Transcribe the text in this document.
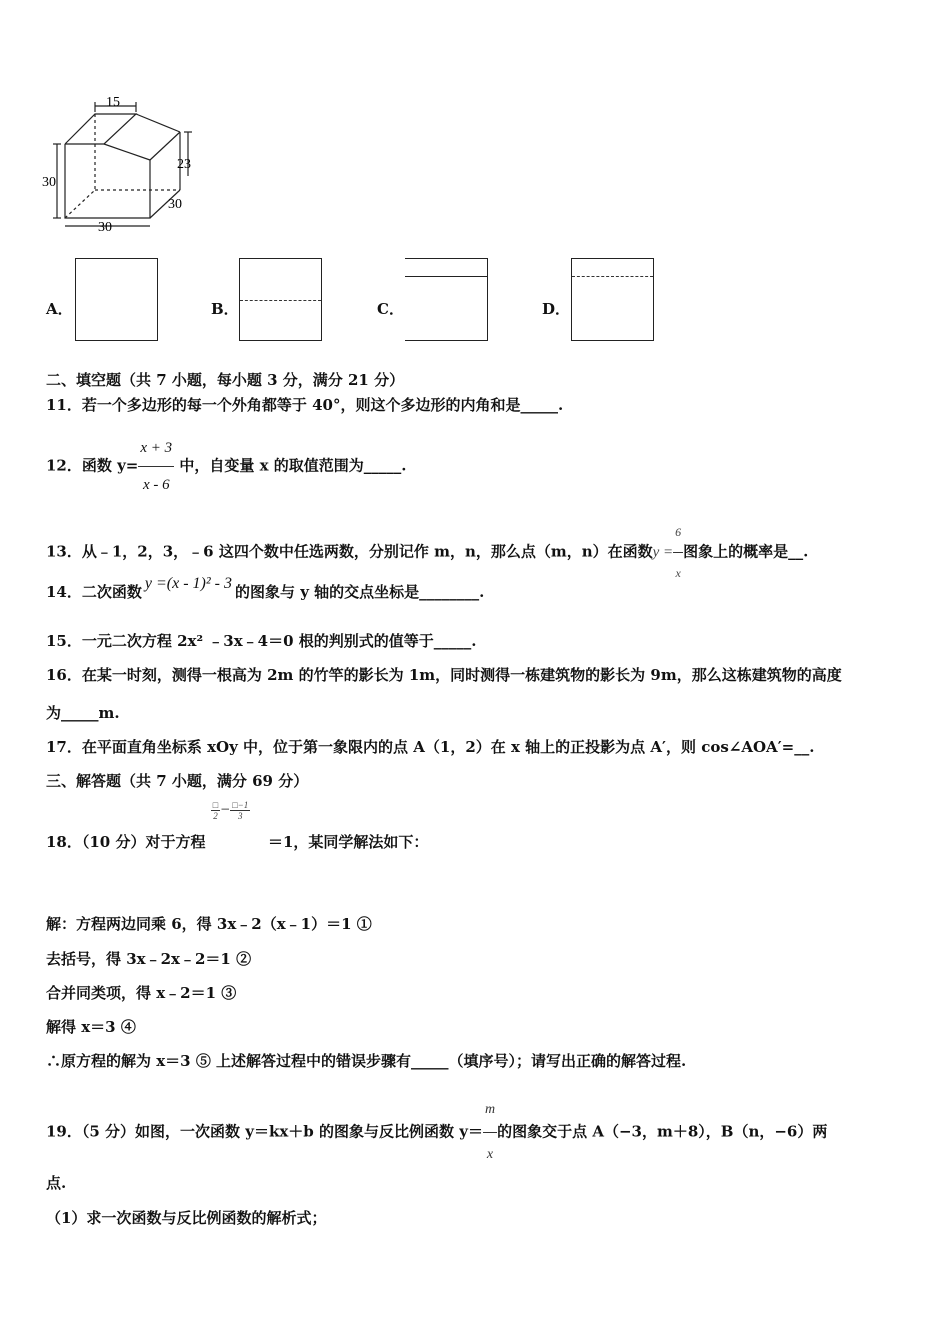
15
30
23
30
30
A．	B．	C．	D．
二、填空题（共 7 小题，每小题 3 分，满分 21 分）
11．若一个多边形的每一个外角都等于 40°，则这个多边形的内角和是_____.
12．函数 $y= \frac{x + 3}{x - 6}$ 中，自变量 x 的取值范围为_____.
13．从﹣1，2，3，﹣6 这四个数中任选两数，分别记作 m，n，那么点（m，n）在函数$y = \frac{6}{x}$ 图象上的概率是__.
14．二次函数 y =(x - 1)² - 3 的图象与 y 轴的交点坐标是________.
15．一元二次方程 2x² ﹣3x﹣4＝0 根的判别式的值等于_____.
16．在某一时刻，测得一根高为 2m 的竹竿的影长为 1m，同时测得一栋建筑物的影长为 9m，那么这栋建筑物的高度
为_____m.
17．在平面直角坐标系 xOy 中，位于第一象限内的点 A（1，2）在 x 轴上的正投影为点 A′，则 cos∠AOA′=__.
三、解答题（共 7 小题，满分 69 分）
18．（10 分）对于方程
$\frac{□}{2} - \frac{□-1}{3}$
＝1，某同学解法如下：
解：方程两边同乘 6，得 3x﹣2（x﹣1）＝1 ①
去括号，得 3x﹣2x﹣2＝1 ②
合并同类项，得 x﹣2＝1 ③
解得 x＝3 ④
∴原方程的解为 x＝3 ⑤ 上述解答过程中的错误步骤有_____（填序号）；请写出正确的解答过程.
19．（5 分）如图，一次函数 y＝kx＋b 的图象与反比例函数 $y= \frac{m}{x}$ 的图象交于点 A（−3，m＋8），B（n，−6）两
点.
（1）求一次函数与反比例函数的解析式；
